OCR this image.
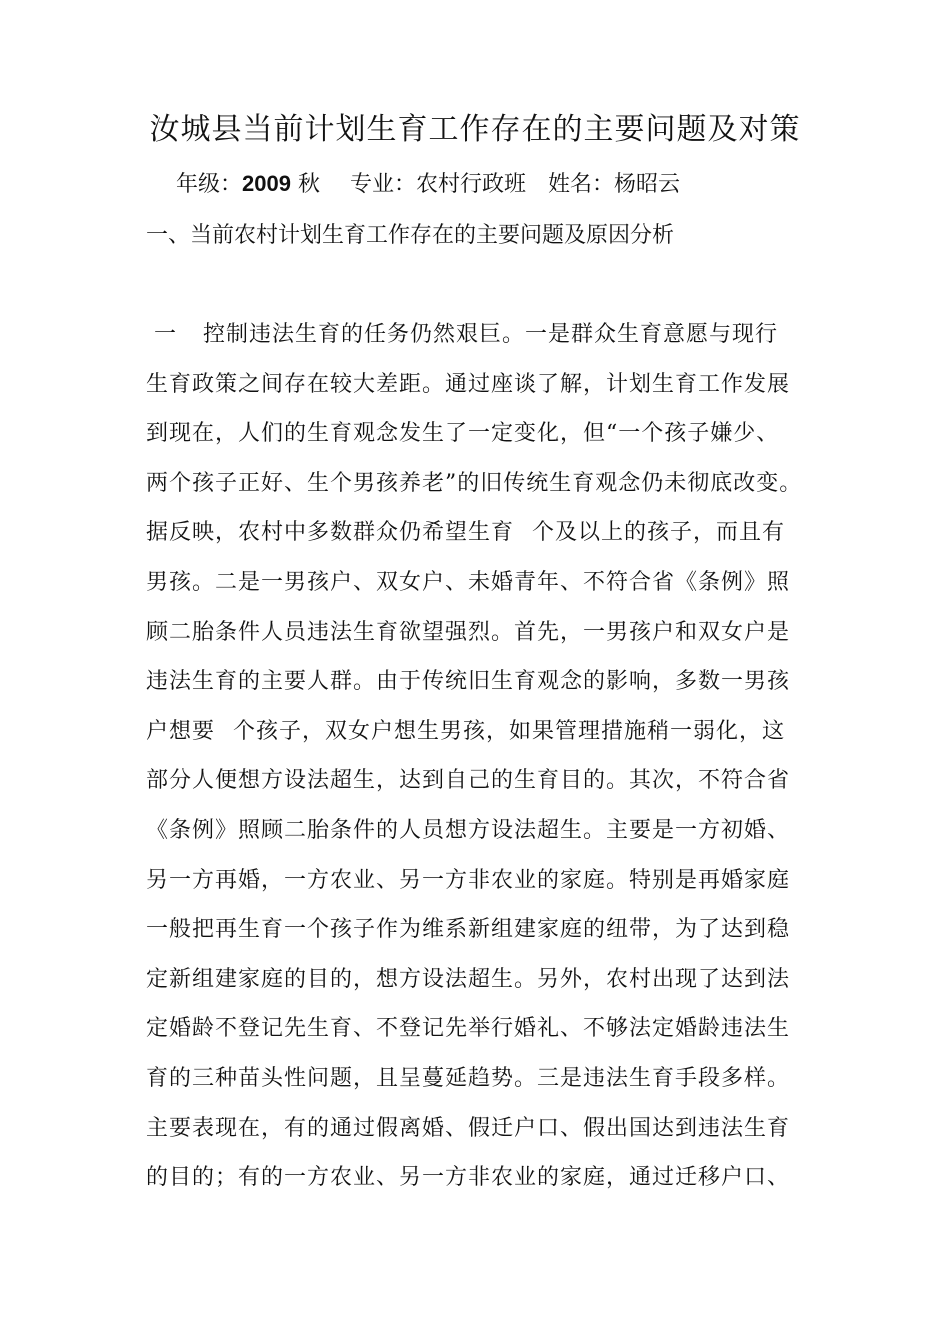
汝城县当前计划生育工作存在的主要问题及对策
年级：2009 秋 专业：农村行政班 姓名：杨昭云
一、当前农村计划生育工作存在的主要问题及原因分析
一 控制违法生育的任务仍然艰巨。一是群众生育意愿与现行
生育政策之间存在较大差距。通过座谈了解，计划生育工作发展
到现在，人们的生育观念发生了一定变化，但“一个孩子嫌少、
两个孩子正好、生个男孩养老”的旧传统生育观念仍未彻底改变。
据反映，农村中多数群众仍希望生育 个及以上的孩子，而且有
男孩。二是一男孩户、双女户、未婚青年、不符合省《条例》照
顾二胎条件人员违法生育欲望强烈。首先，一男孩户和双女户是
违法生育的主要人群。由于传统旧生育观念的影响，多数一男孩
户想要 个孩子，双女户想生男孩，如果管理措施稍一弱化，这
部分人便想方设法超生，达到自己的生育目的。其次，不符合省
《条例》照顾二胎条件的人员想方设法超生。主要是一方初婚、
另一方再婚，一方农业、另一方非农业的家庭。特别是再婚家庭
一般把再生育一个孩子作为维系新组建家庭的纽带，为了达到稳
定新组建家庭的目的，想方设法超生。另外，农村出现了达到法
定婚龄不登记先生育、不登记先举行婚礼、不够法定婚龄违法生
育的三种苗头性问题，且呈蔓延趋势。三是违法生育手段多样。
主要表现在，有的通过假离婚、假迁户口、假出国达到违法生育
的目的；有的一方农业、另一方非农业的家庭，通过迁移户口、
